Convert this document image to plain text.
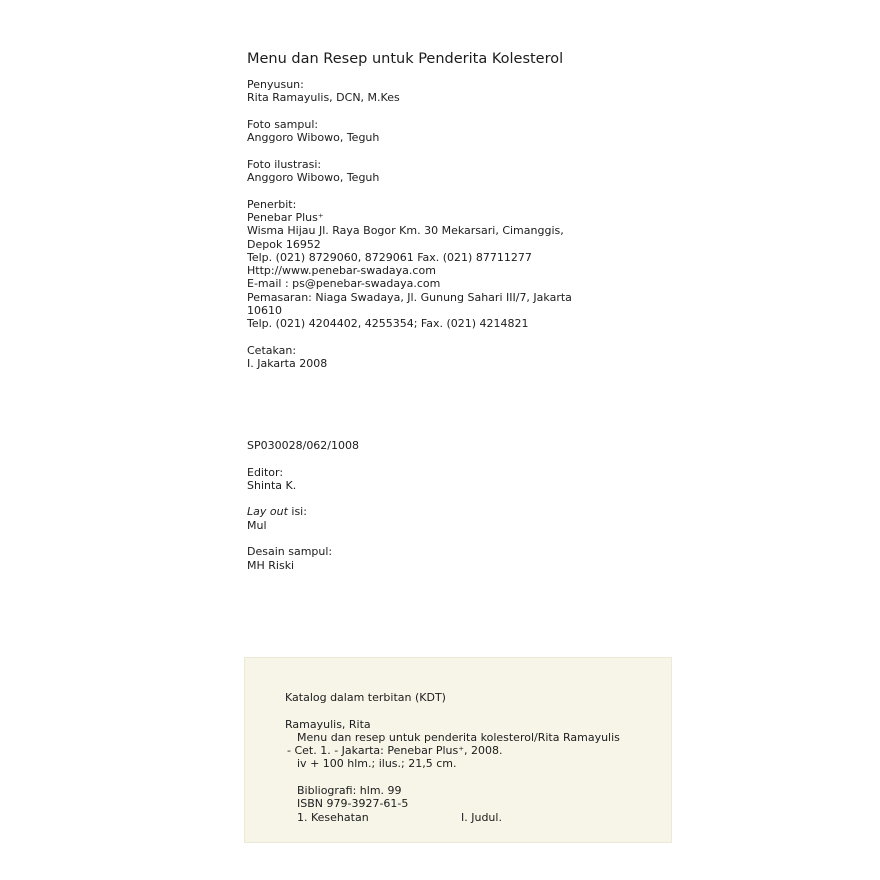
Menu dan Resep untuk Penderita Kolesterol
Penyusun:
Rita Ramayulis, DCN, M.Kes
Foto sampul:
Anggoro Wibowo, Teguh
Foto ilustrasi:
Anggoro Wibowo, Teguh
Penerbit:
Penebar Plus⁺
Wisma Hijau Jl. Raya Bogor Km. 30 Mekarsari, Cimanggis,
Depok 16952
Telp. (021) 8729060, 8729061 Fax. (021) 87711277
Http://www.penebar-swadaya.com
E-mail : ps@penebar-swadaya.com
Pemasaran: Niaga Swadaya, Jl. Gunung Sahari III/7, Jakarta
10610
Telp. (021) 4204402, 4255354; Fax. (021) 4214821
Cetakan:
I. Jakarta 2008
SP030028/062/1008
Editor:
Shinta K.
Lay out isi:
Mul
Desain sampul:
MH Riski
Katalog dalam terbitan (KDT)
Ramayulis, Rita
Menu dan resep untuk penderita kolesterol/Rita Ramayulis
- Cet. 1. - Jakarta: Penebar Plus⁺, 2008.
iv + 100 hlm.; ilus.; 21,5 cm.
Bibliografi: hlm. 99
ISBN 979-3927-61-5
1. Kesehatan	I. Judul.
